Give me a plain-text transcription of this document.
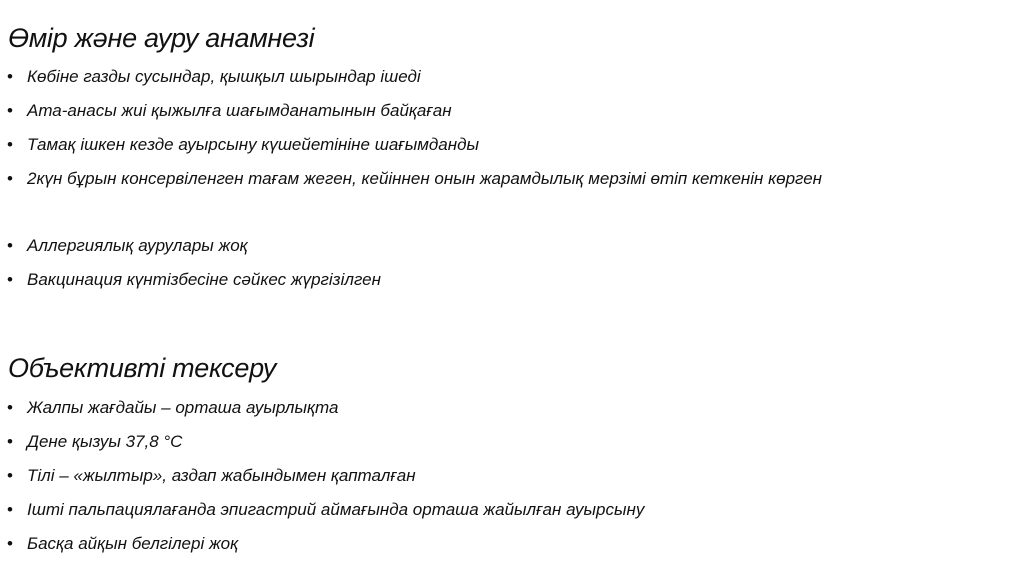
Өмір және ауру анамнезі
• Көбіне газды сусындар, қышқыл шырындар ішеді
• Ата-анасы жиі қыжылға шағымданатынын байқаған
• Тамақ ішкен кезде ауырсыну күшейетініне шағымданды
• 2күн бұрын консервіленген тағам жеген, кейіннен онын жарамдылық мерзімі өтіп кеткенін көрген
• Аллергиялық аурулары жоқ
• Вакцинация күнтізбесіне сәйкес жүргізілген
Объективті тексеру
• Жалпы жағдайы – орташа ауырлықта
• Дене қызуы 37,8 °С
• Тілі – «жылтыр», аздап жабындымен қапталған
• Ішті пальпациялағанда эпигастрий аймағында орташа жайылған ауырсыну
• Басқа айқын белгілері жоқ
